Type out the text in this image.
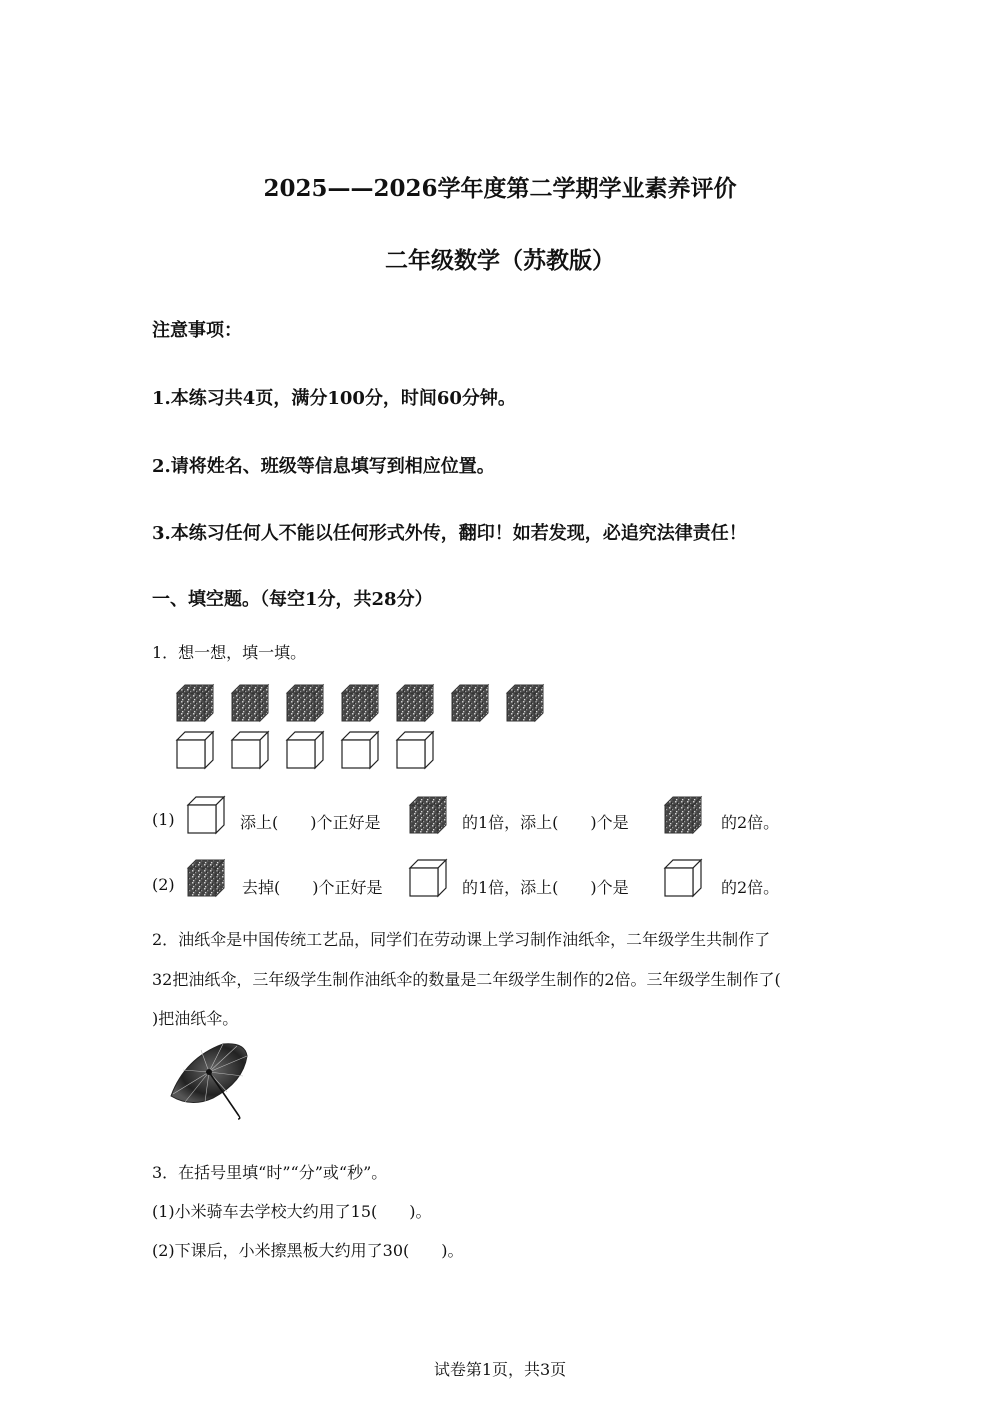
2025——2026学年度第二学期学业素养评价
二年级数学（苏教版）
注意事项：
1.本练习共4页，满分100分，时间60分钟。
2.请将姓名、班级等信息填写到相应位置。
3.本练习任何人不能以任何形式外传，翻印！如若发现，必追究法律责任！
一、填空题。（每空1分，共28分）
1．想一想，填一填。
(1)	添上(　　)个正好是	的1倍，添上(　　)个是	的2倍。
(2)	去掉(　　)个正好是	的1倍，添上(　　)个是	的2倍。
2．油纸伞是中国传统工艺品，同学们在劳动课上学习制作油纸伞，二年级学生共制作了
32把油纸伞，三年级学生制作油纸伞的数量是二年级学生制作的2倍。三年级学生制作了(
)把油纸伞。
3．在括号里填“时”“分”或“秒”。
(1)小米骑车去学校大约用了15(　　)。
(2)下课后，小米擦黑板大约用了30(　　)。
试卷第1页，共3页
